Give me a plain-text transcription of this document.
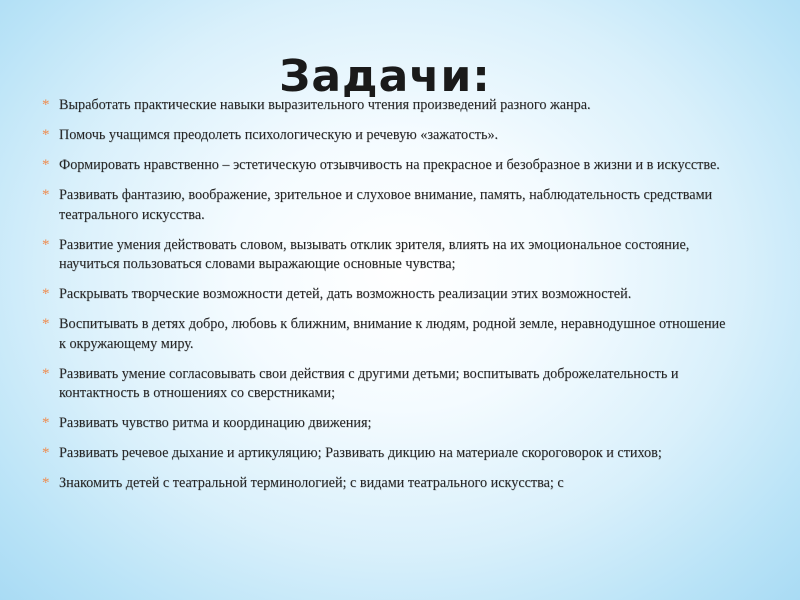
Задачи:
* Выработать практические навыки выразительного чтения произведений разного жанра.
* Помочь учащимся преодолеть психологическую и речевую «зажатость».
* Формировать нравственно – эстетическую отзывчивость на прекрасное и безобразное в жизни и в искусстве.
* Развивать фантазию, воображение, зрительное и слуховое внимание, память, наблюдательность средствами театрального искусства.
* Развитие умения действовать словом, вызывать отклик зрителя, влиять на их эмоциональное состояние, научиться пользоваться словами выражающие основные чувства;
* Раскрывать творческие возможности детей, дать возможность реализации этих возможностей.
* Воспитывать в детях добро, любовь к ближним, внимание к людям, родной земле, неравнодушное отношение к окружающему миру.
* Развивать умение согласовывать свои действия с другими детьми; воспитывать доброжелательность и контактность в отношениях со сверстниками;
* Развивать чувство ритма и координацию движения;
* Развивать речевое дыхание и артикуляцию; Развивать дикцию на материале скороговорок и стихов;
* Знакомить детей с театральной терминологией; с видами театрального искусства; с
